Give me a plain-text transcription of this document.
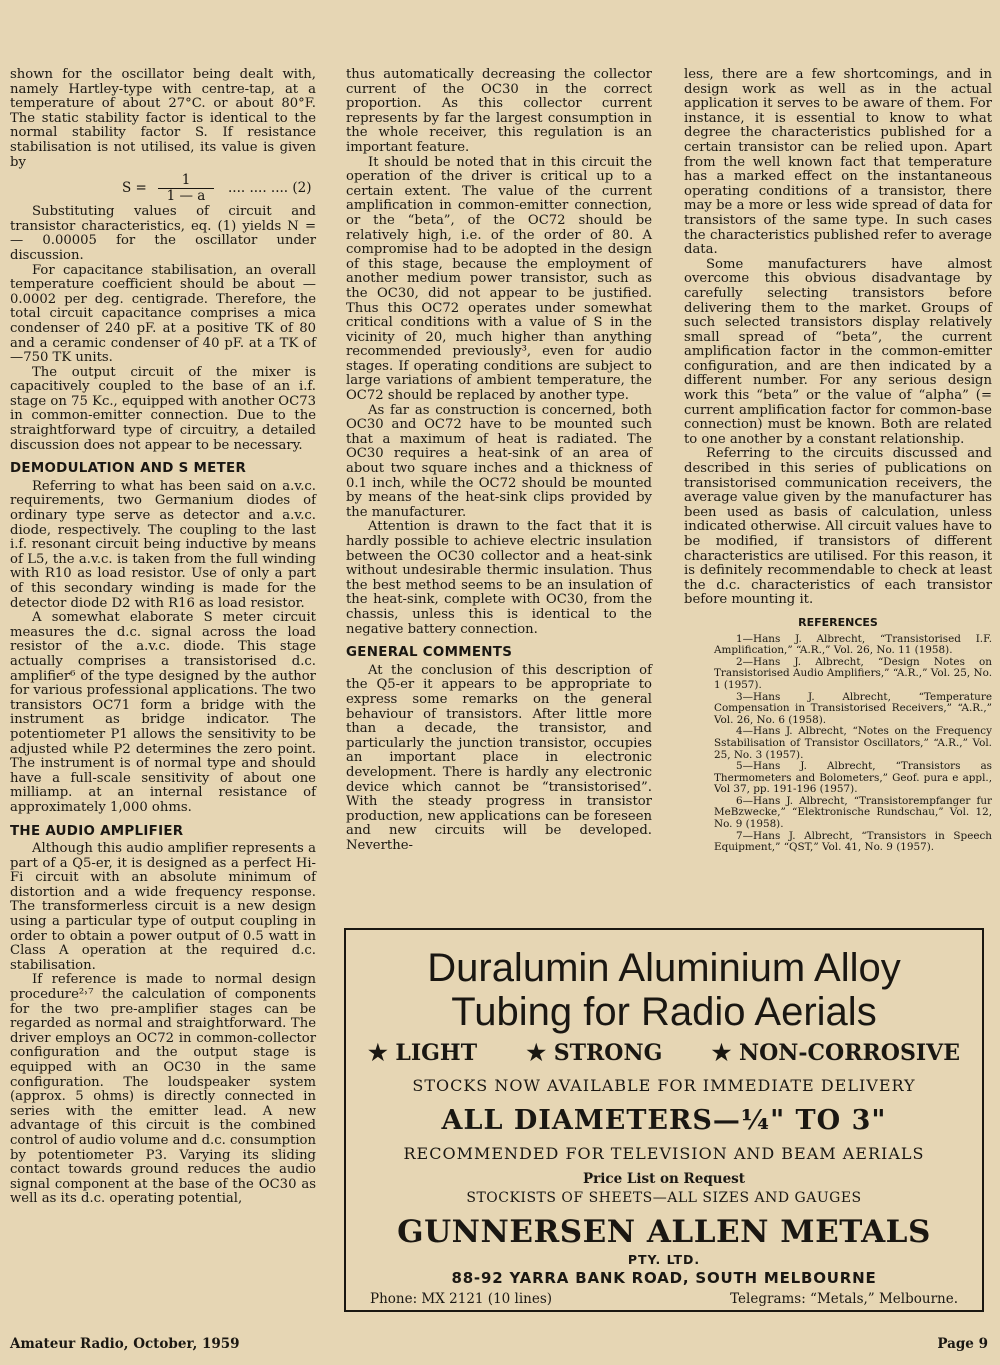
shown for the oscillator being dealt with, namely Hartley-type with centre-tap, at a temperature of about 27°C. or about 80°F. The static stability factor is identical to the normal stability factor S. If resistance stabilisation is not utilised, its value is given by

$S = \frac{1}{1 — a}$ .... .... .... (2)

Substituting values of circuit and transistor characteristics, eq. (1) yields N = — 0.00005 for the oscillator under discussion.

For capacitance stabilisation, an overall temperature coefficient should be about — 0.0002 per deg. centigrade. Therefore, the total circuit capacitance comprises a mica condenser of 240 pF. at a positive TK of 80 and a ceramic condenser of 40 pF. at a TK of —750 TK units.

The output circuit of the mixer is capacitively coupled to the base of an i.f. stage on 75 Kc., equipped with another OC73 in common-emitter connection. Due to the straightforward type of circuitry, a detailed discussion does not appear to be necessary.

DEMODULATION AND S METER

Referring to what has been said on a.v.c. requirements, two Germanium diodes of ordinary type serve as detector and a.v.c. diode, respectively. The coupling to the last i.f. resonant circuit being inductive by means of L5, the a.v.c. is taken from the full winding with R10 as load resistor. Use of only a part of this secondary winding is made for the detector diode D2 with R16 as load resistor.

A somewhat elaborate S meter circuit measures the d.c. signal across the load resistor of the a.v.c. diode. This stage actually comprises a transistorised d.c. amplifier⁶ of the type designed by the author for various professional applications. The two transistors OC71 form a bridge with the instrument as bridge indicator. The potentiometer P1 allows the sensitivity to be adjusted while P2 determines the zero point. The instrument is of normal type and should have a full-scale sensitivity of about one milliamp. at an internal resistance of approximately 1,000 ohms.

THE AUDIO AMPLIFIER

Although this audio amplifier represents a part of a Q5-er, it is designed as a perfect Hi-Fi circuit with an absolute minimum of distortion and a wide frequency response. The transformerless circuit is a new design using a particular type of output coupling in order to obtain a power output of 0.5 watt in Class A operation at the required d.c. stabilisation.

If reference is made to normal design procedure²˒⁷ the calculation of components for the two pre-amplifier stages can be regarded as normal and straightforward. The driver employs an OC72 in common-collector configuration and the output stage is equipped with an OC30 in the same configuration. The loudspeaker system (approx. 5 ohms) is directly connected in series with the emitter lead. A new advantage of this circuit is the combined control of audio volume and d.c. consumption by potentiometer P3. Varying its sliding contact towards ground reduces the audio signal component at the base of the OC30 as well as its d.c. operating potential,

thus automatically decreasing the collector current of the OC30 in the correct proportion. As this collector current represents by far the largest consumption in the whole receiver, this regulation is an important feature.

It should be noted that in this circuit the operation of the driver is critical up to a certain extent. The value of the current amplification in common-emitter connection, or the “beta”, of the OC72 should be relatively high, i.e. of the order of 80. A compromise had to be adopted in the design of this stage, because the employment of another medium power transistor, such as the OC30, did not appear to be justified. Thus this OC72 operates under somewhat critical conditions with a value of S in the vicinity of 20, much higher than anything recommended previously³, even for audio stages. If operating conditions are subject to large variations of ambient temperature, the OC72 should be replaced by another type.

As far as construction is concerned, both OC30 and OC72 have to be mounted such that a maximum of heat is radiated. The OC30 requires a heat-sink of an area of about two square inches and a thickness of 0.1 inch, while the OC72 should be mounted by means of the heat-sink clips provided by the manufacturer.

Attention is drawn to the fact that it is hardly possible to achieve electric insulation between the OC30 collector and a heat-sink without undesirable thermic insulation. Thus the best method seems to be an insulation of the heat-sink, complete with OC30, from the chassis, unless this is identical to the negative battery connection.

GENERAL COMMENTS

At the conclusion of this description of the Q5-er it appears to be appropriate to express some remarks on the general behaviour of transistors. After little more than a decade, the transistor, and particularly the junction transistor, occupies an important place in electronic development. There is hardly any electronic device which cannot be “transistorised”. With the steady progress in transistor production, new applications can be foreseen and new circuits will be developed. Neverthe-

less, there are a few shortcomings, and in design work as well as in the actual application it serves to be aware of them. For instance, it is essential to know to what degree the characteristics published for a certain transistor can be relied upon. Apart from the well known fact that temperature has a marked effect on the instantaneous operating conditions of a transistor, there may be a more or less wide spread of data for transistors of the same type. In such cases the characteristics published refer to average data.

Some manufacturers have almost overcome this obvious disadvantage by carefully selecting transistors before delivering them to the market. Groups of such selected transistors display relatively small spread of “beta”, the current amplification factor in the common-emitter configuration, and are then indicated by a different number. For any serious design work this “beta” or the value of “alpha” (= current amplification factor for common-base connection) must be known. Both are related to one another by a constant relationship.

Referring to the circuits discussed and described in this series of publications on transistorised communication receivers, the average value given by the manufacturer has been used as basis of calculation, unless indicated otherwise. All circuit values have to be modified, if transistors of different characteristics are utilised. For this reason, it is definitely recommendable to check at least the d.c. characteristics of each transistor before mounting it.

REFERENCES

1—Hans J. Albrecht, “Transistorised I.F. Amplification,” “A.R.,” Vol. 26, No. 11 (1958).

2—Hans J. Albrecht, “Design Notes on Transistorised Audio Amplifiers,” “A.R.,” Vol. 25, No. 1 (1957).

3—Hans J. Albrecht, “Temperature Compensation in Transistorised Receivers,” “A.R.,” Vol. 26, No. 6 (1958).

4—Hans J. Albrecht, “Notes on the Frequency Sstabilisation of Transistor Oscillators,” “A.R.,” Vol. 25, No. 3 (1957).

5—Hans J. Albrecht, “Transistors as Thermometers and Bolometers,” Geof. pura e appl., Vol 37, pp. 191-196 (1957).

6—Hans J. Albrecht, “Transistorempfanger fur MeBzwecke,” “Elektronische Rundschau,” Vol. 12, No. 9 (1958).

7—Hans J. Albrecht, “Transistors in Speech Equipment,” “QST,” Vol. 41, No. 9 (1957).

Duralumin Aluminium Alloy
Tubing for Radio Aerials
★ LIGHT ★ STRONG ★ NON-CORROSIVE
STOCKS NOW AVAILABLE FOR IMMEDIATE DELIVERY
ALL DIAMETERS—¼" TO 3"
RECOMMENDED FOR TELEVISION AND BEAM AERIALS
Price List on Request
STOCKISTS OF SHEETS—ALL SIZES AND GAUGES
GUNNERSEN ALLEN METALS
PTY. LTD.
88-92 YARRA BANK ROAD, SOUTH MELBOURNE
Phone: MX 2121 (10 lines)	Telegrams: “Metals,” Melbourne.
Amateur Radio, October, 1959	Page 9
